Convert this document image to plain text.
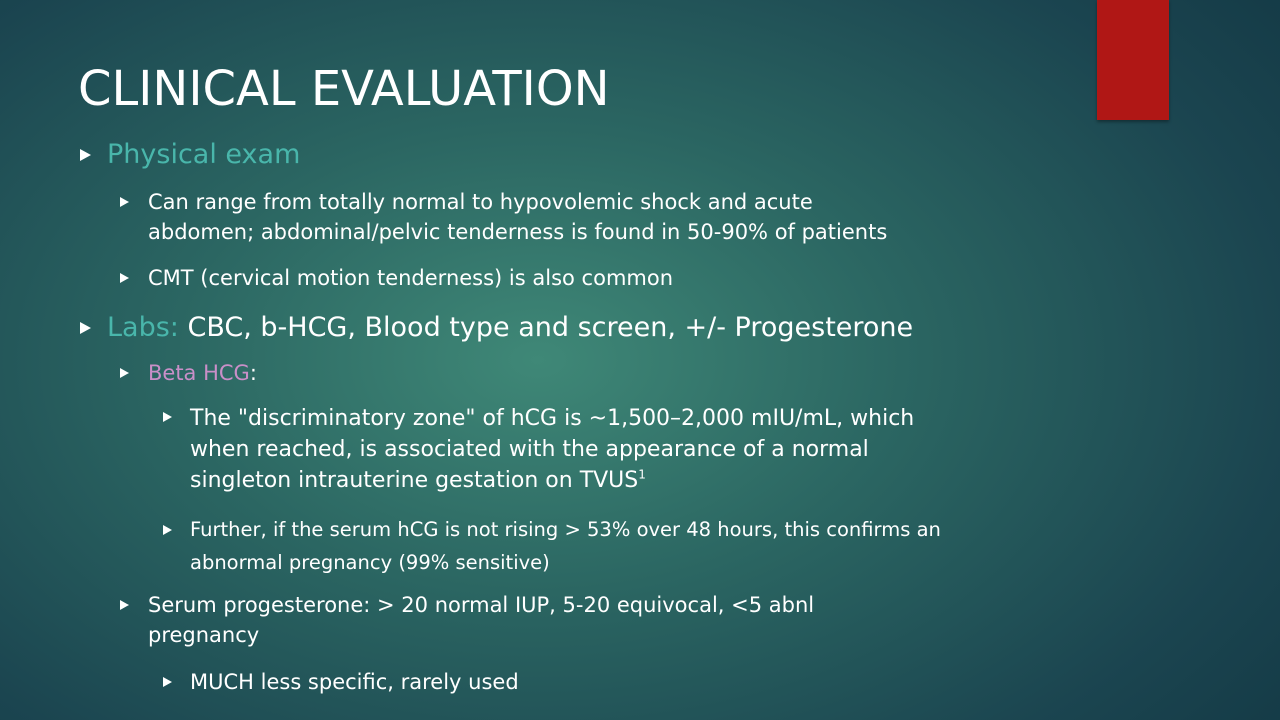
CLINICAL EVALUATION

Physical exam

Can range from totally normal to hypovolemic shock and acute
abdomen; abdominal/pelvic tenderness is found in 50-90% of patients

CMT (cervical motion tenderness) is also common

Labs: CBC, b-HCG, Blood type and screen, +/- Progesterone

Beta HCG:

The "discriminatory zone" of hCG is ~1,500–2,000 mIU/mL, which
when reached, is associated with the appearance of a normal
singleton intrauterine gestation on TVUS$^1$
Further, if the serum hCG is not rising > 53% over 48 hours, this confirms an
abnormal pregnancy (99% sensitive)
Serum progesterone: > 20 normal IUP, 5-20 equivocal, <5 abnl
pregnancy

MUCH less specific, rarely used
